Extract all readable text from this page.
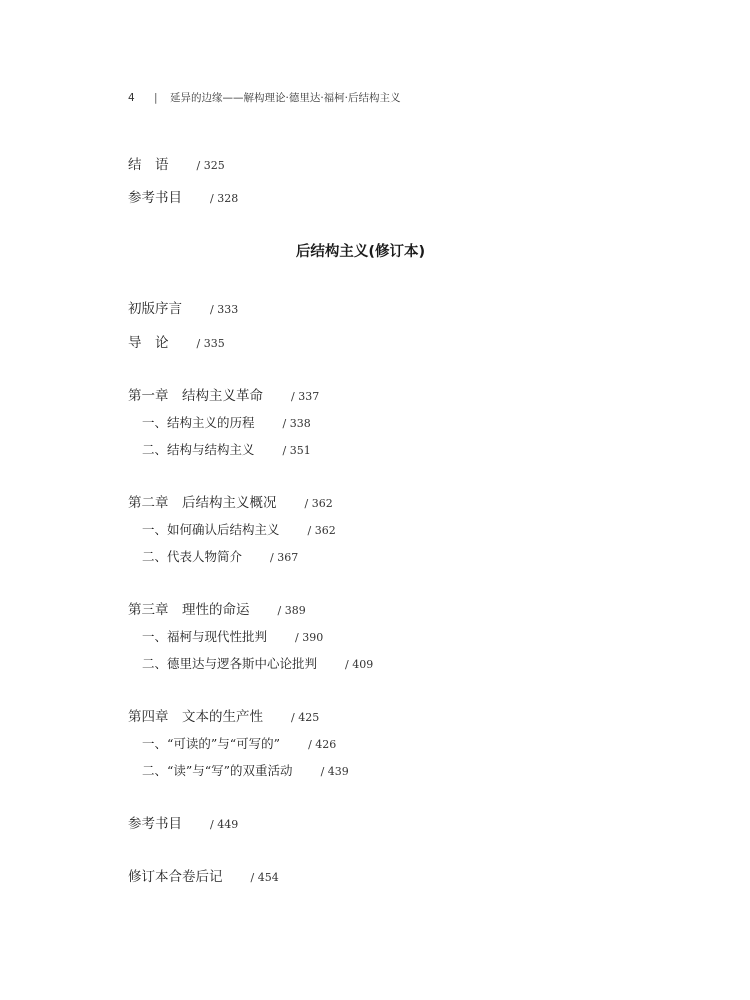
4 | 延异的边缘——解构理论·德里达·福柯·后结构主义
结　语	/ 325
参考书目	/ 328
后结构主义(修订本)
初版序言	/ 333
导　论	/ 335
第一章　结构主义革命	/ 337
一、结构主义的历程	/ 338
二、结构与结构主义	/ 351
第二章　后结构主义概况	/ 362
一、如何确认后结构主义	/ 362
二、代表人物简介	/ 367
第三章　理性的命运	/ 389
一、福柯与现代性批判	/ 390
二、德里达与逻各斯中心论批判	/ 409
第四章　文本的生产性	/ 425
一、“可读的”与“可写的”	/ 426
二、“读”与“写”的双重活动	/ 439
参考书目	/ 449
修订本合卷后记	/ 454
